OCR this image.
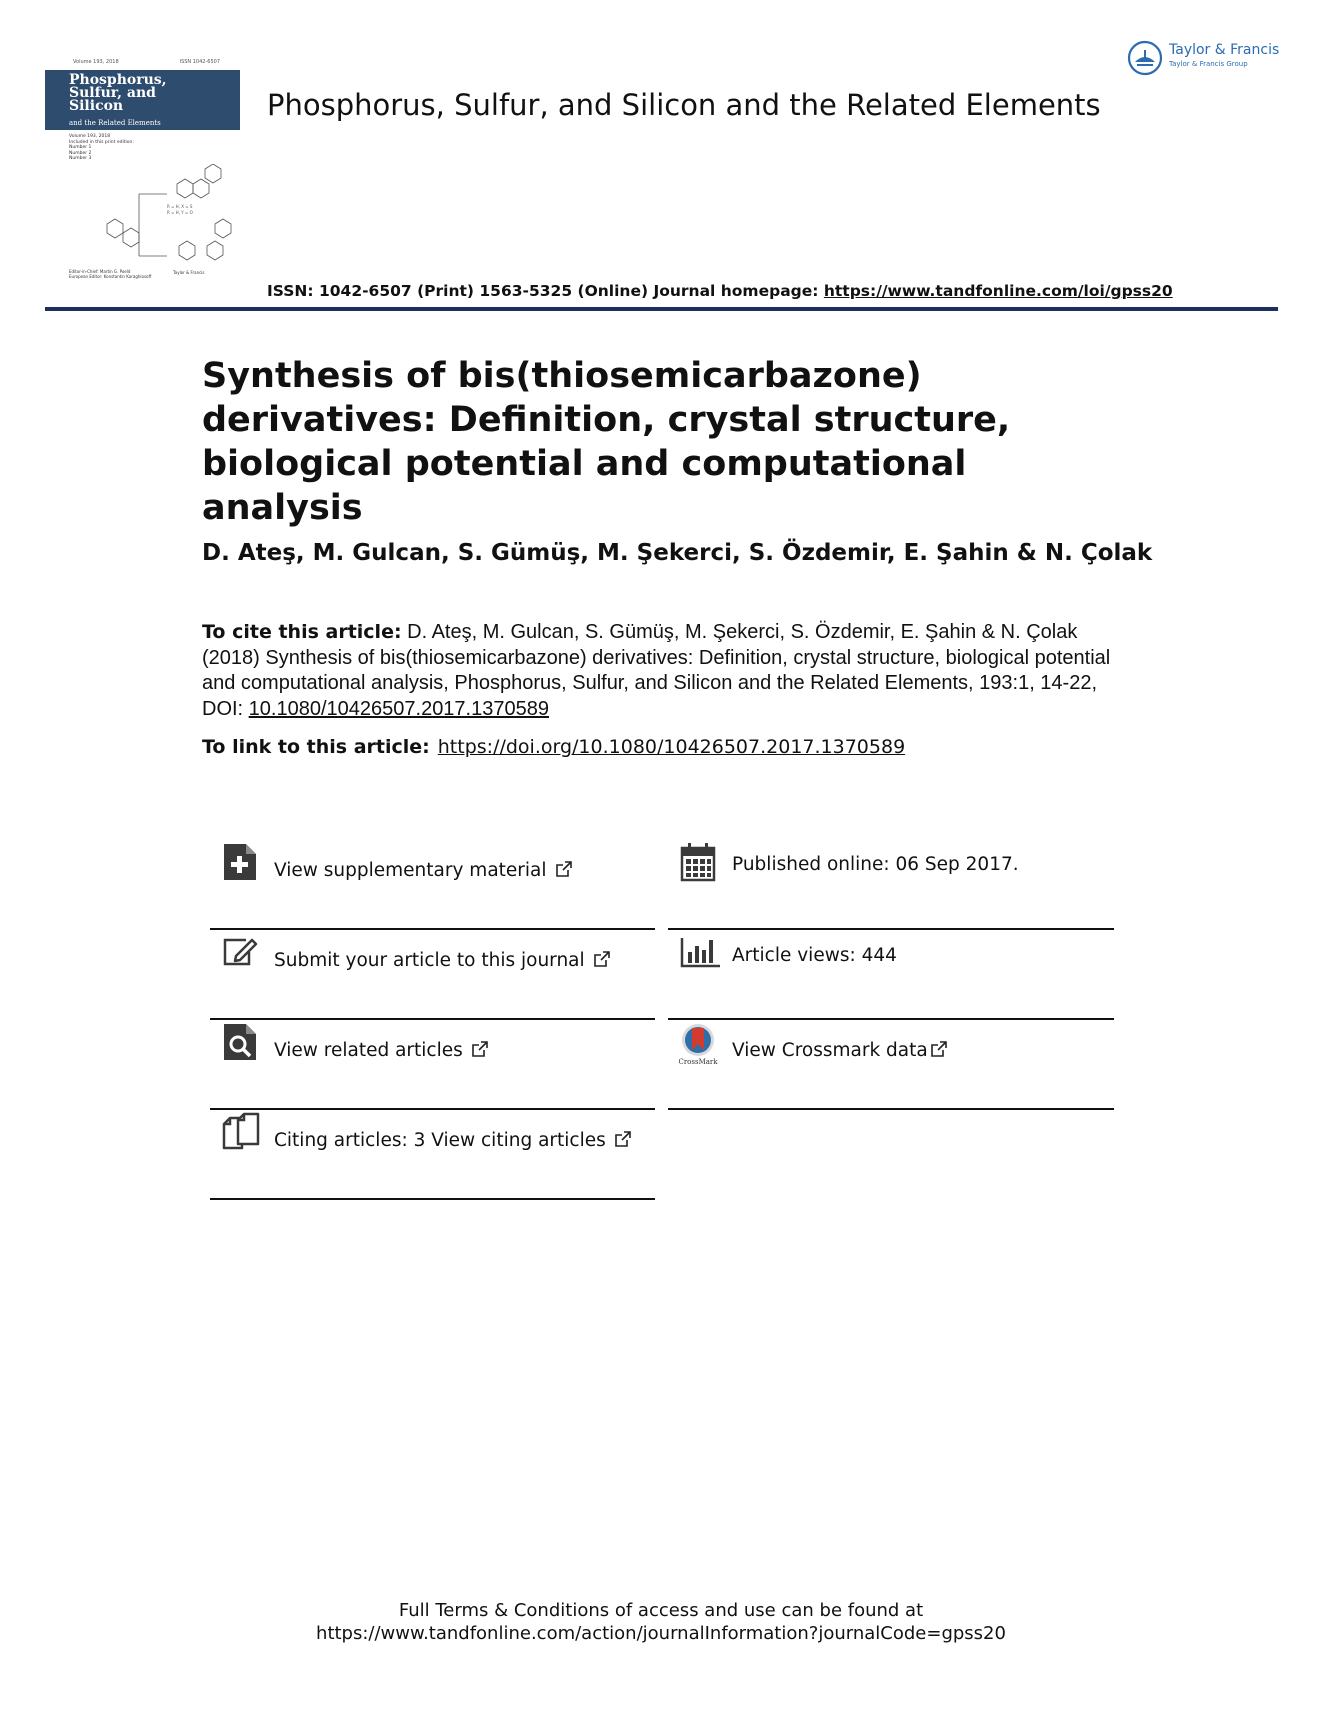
Volume 193, 2018	ISSN 1042-6507
Phosphorus,
Sulfur, and
Silicon
and the Related Elements
Volume 193, 2018
Included in this print edition:
Number 1
Number 2
Number 3
R = H, X = S
R = H, Y = O
Editor-in-Chief: Martin G. Poeld
European Editor: Konstantin Karaghiosoff
Taylor & Francis
Phosphorus, Sulfur, and Silicon and the Related Elements
Taylor & Francis
Taylor & Francis Group
ISSN: 1042-6507 (Print) 1563-5325 (Online) Journal homepage: https://www.tandfonline.com/loi/gpss20
Synthesis of bis(thiosemicarbazone) derivatives: Definition, crystal structure, biological potential and computational analysis
D. Ateş, M. Gulcan, S. Gümüş, M. Şekerci, S. Özdemir, E. Şahin & N. Çolak
To cite this article: D. Ateş, M. Gulcan, S. Gümüş, M. Şekerci, S. Özdemir, E. Şahin & N. Çolak (2018) Synthesis of bis(thiosemicarbazone) derivatives: Definition, crystal structure, biological potential and computational analysis, Phosphorus, Sulfur, and Silicon and the Related Elements, 193:1, 14-22, DOI: 10.1080/10426507.2017.1370589
To link to this article: https://doi.org/10.1080/10426507.2017.1370589
View supplementary material	Published online: 06 Sep 2017.
Submit your article to this journal	Article views: 444
View related articles
CrossMark
View Crossmark data
Citing articles: 3 View citing articles
Full Terms & Conditions of access and use can be found at
https://www.tandfonline.com/action/journalInformation?journalCode=gpss20
